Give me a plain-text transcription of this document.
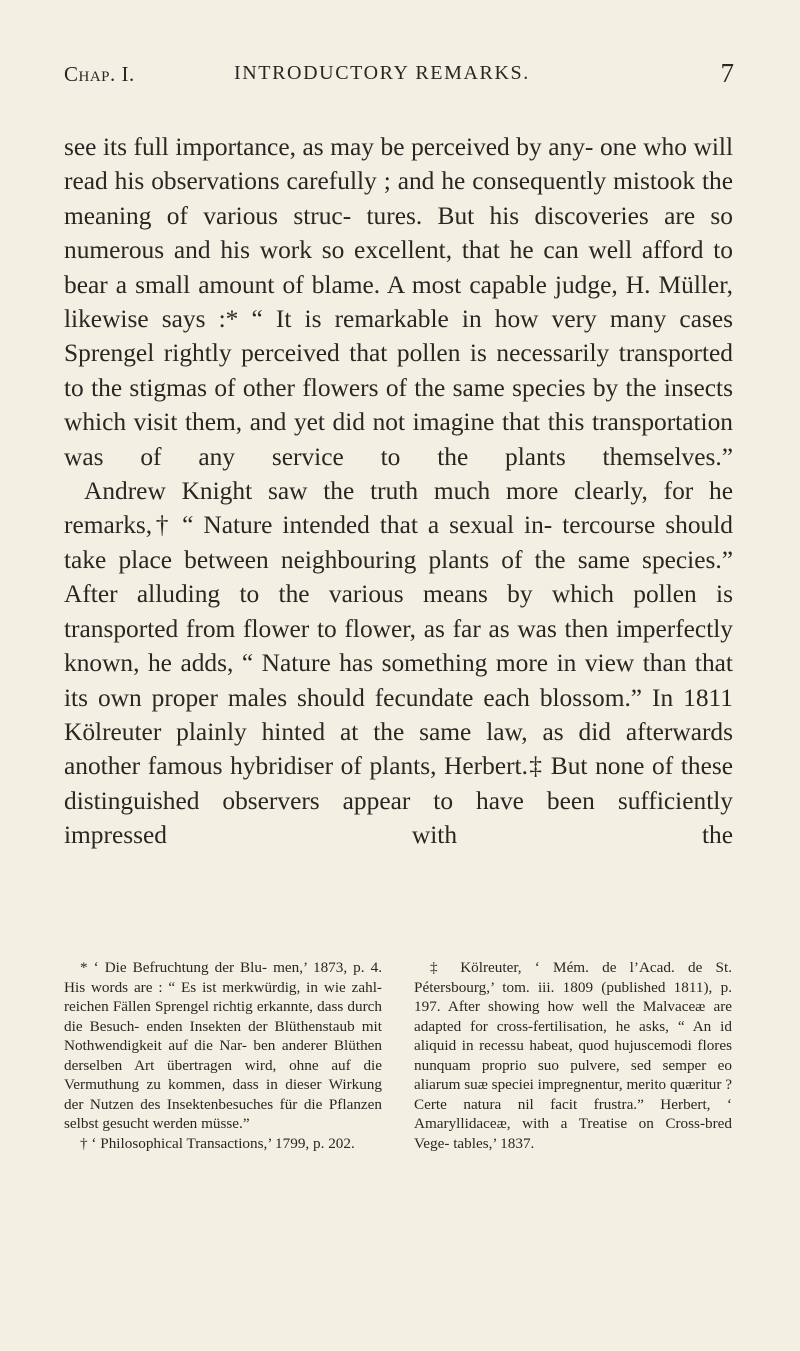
Chap. I.	INTRODUCTORY REMARKS.	7

see its full importance, as may be perceived by any- one who will read his observations carefully ; and he consequently mistook the meaning of various struc- tures. But his discoveries are so numerous and his work so excellent, that he can well afford to bear a small amount of blame. A most capable judge, H. Müller, likewise says :* “ It is remarkable in how very many cases Sprengel rightly perceived that pollen is necessarily transported to the stigmas of other flowers of the same species by the insects which visit them, and yet did not imagine that this transportation was of any service to the plants themselves.”

Andrew Knight saw the truth much more clearly, for he remarks,† “ Nature intended that a sexual in- tercourse should take place between neighbouring plants of the same species.” After alluding to the various means by which pollen is transported from flower to flower, as far as was then imperfectly known, he adds, “ Nature has something more in view than that its own proper males should fecundate each blossom.” In 1811 Kölreuter plainly hinted at the same law, as did afterwards another famous hybridiser of plants, Herbert.‡ But none of these distinguished observers appear to have been sufficiently impressed with the

* ‘ Die Befruchtung der Blu- men,’ 1873, p. 4. His words are : “ Es ist merkwürdig, in wie zahl- reichen Fällen Sprengel richtig erkannte, dass durch die Besuch- enden Insekten der Blüthenstaub mit Nothwendigkeit auf die Nar- ben anderer Blüthen derselben Art übertragen wird, ohne auf die Vermuthung zu kommen, dass in dieser Wirkung der Nutzen des Insektenbesuches für die Pflanzen selbst gesucht werden müsse.”

† ‘ Philosophical Transactions,’ 1799, p. 202.

‡ Kölreuter, ‘ Mém. de l’Acad. de St. Pétersbourg,’ tom. iii. 1809 (published 1811), p. 197. After showing how well the Malvaceæ are adapted for cross-fertilisation, he asks, “ An id aliquid in recessu habeat, quod hujuscemodi flores nunquam proprio suo pulvere, sed semper eo aliarum suæ speciei impregnentur, merito quæritur ? Certe natura nil facit frustra.” Herbert, ‘ Amaryllidaceæ, with a Treatise on Cross-bred Vege- tables,’ 1837.
